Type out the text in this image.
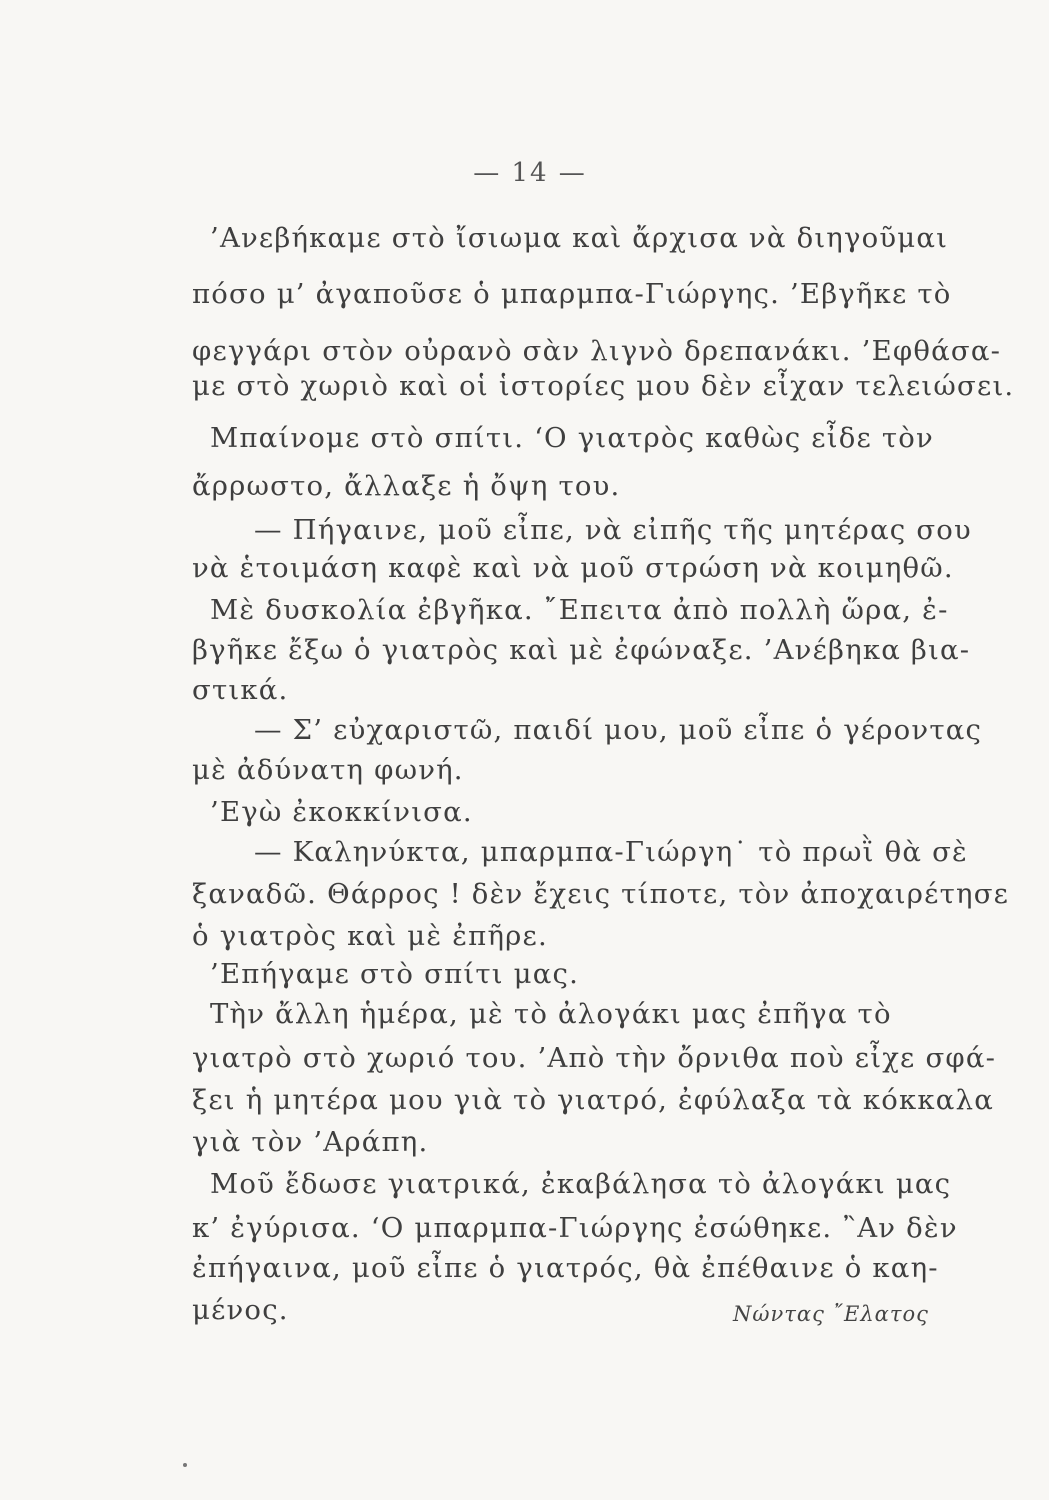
— 14 —
’Ανεβήκαμε στὸ ἴσιωμα καὶ ἄρχισα νὰ διηγοῦμαι
πόσο μ’ ἀγαποῦσε ὁ μπαρμπα-Γιώργης. ’Εβγῆκε τὸ
φεγγάρι στὸν οὐρανὸ σὰν λιγνὸ δρεπανάκι. ’Εφθάσα-
με στὸ χωριὸ καὶ οἱ ἱστορίες μου δὲν εἶχαν τελειώσει.
Μπαίνομε στὸ σπίτι. ‘Ο γιατρὸς καθὼς εἶδε τὸν
ἄρρωστο, ἄλλαξε ἡ ὄψη του.
— Πήγαινε, μοῦ εἶπε, νὰ εἰπῆς τῆς μητέρας σου
νὰ ἑτοιμάση καφὲ καὶ νὰ μοῦ στρώση νὰ κοιμηθῶ.
Μὲ δυσκολία ἐβγῆκα. ῎Επειτα ἀπὸ πολλὴ ὥρα, ἐ-
βγῆκε ἔξω ὁ γιατρὸς καὶ μὲ ἐφώναξε. ’Ανέβηκα βια-
στικά.
— Σ’ εὐχαριστῶ, παιδί μου, μοῦ εἶπε ὁ γέροντας
μὲ ἀδύνατη φωνή.
’Εγὼ ἐκοκκίνισα.
— Καληνύκτα, μπαρμπα-Γιώργη˙ τὸ πρωῒ θὰ σὲ
ξαναδῶ. Θάρρος ! δὲν ἔχεις τίποτε, τὸν ἀποχαιρέτησε
ὁ γιατρὸς καὶ μὲ ἐπῆρε.
’Επήγαμε στὸ σπίτι μας.
Τὴν ἄλλη ἡμέρα, μὲ τὸ ἀλογάκι μας ἐπῆγα τὸ
γιατρὸ στὸ χωριό του. ’Απὸ τὴν ὄρνιθα ποὺ εἶχε σφά-
ξει ἡ μητέρα μου γιὰ τὸ γιατρό, ἐφύλαξα τὰ κόκκαλα
γιὰ τὸν ’Αράπη.
Μοῦ ἔδωσε γιατρικά, ἐκαβάλησα τὸ ἀλογάκι μας
κ’ ἐγύρισα. ‘Ο μπαρμπα-Γιώργης ἐσώθηκε. ῍Αν δὲν
ἐπήγαινα, μοῦ εἶπε ὁ γιατρός, θὰ ἐπέθαινε ὁ καη-
μένος.	Νώντας ῎Ελατος
